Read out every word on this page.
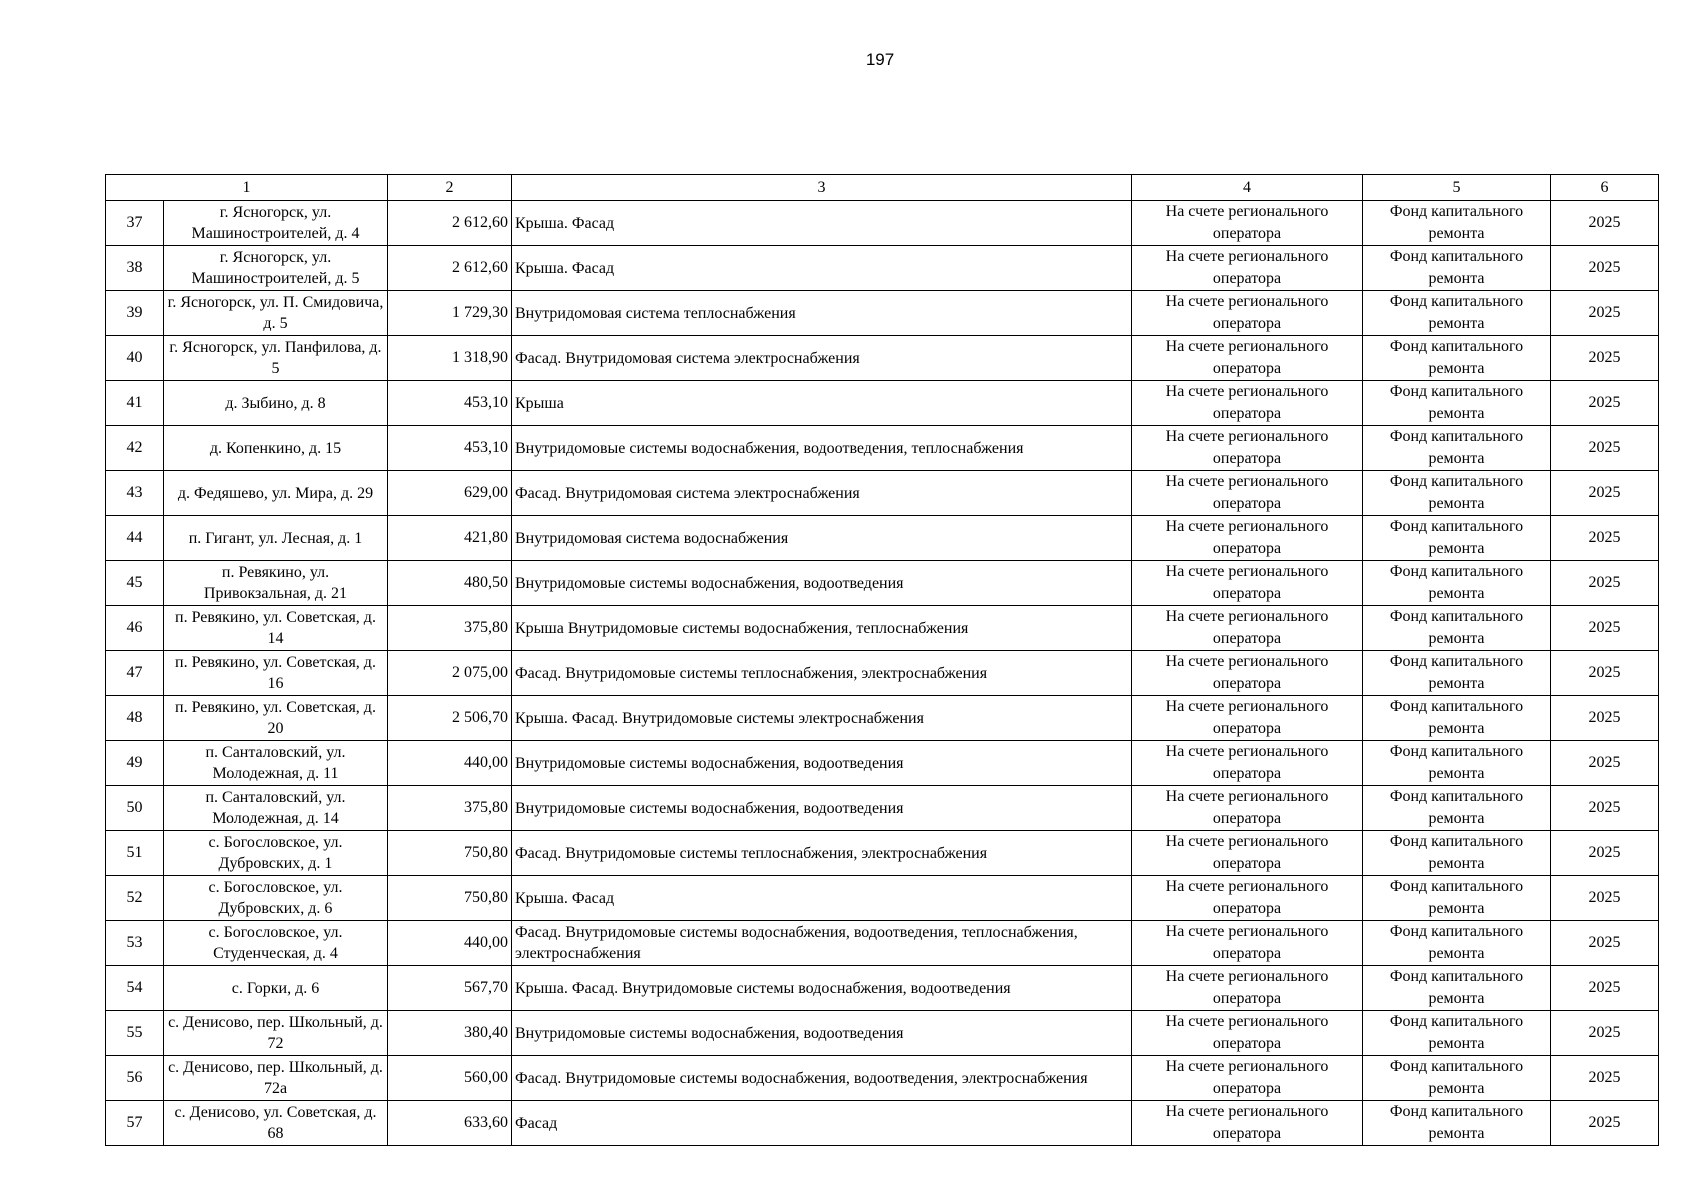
197
1		2	3	4	5	6
37	г. Ясногорск, ул. Машиностроителей, д. 4	2 612,60	Крыша. Фасад	На счете регионального оператора	Фонд капитального ремонта	2025
38	г. Ясногорск, ул. Машиностроителей, д. 5	2 612,60	Крыша. Фасад	На счете регионального оператора	Фонд капитального ремонта	2025
39	г. Ясногорск, ул. П. Смидовича, д. 5	1 729,30	Внутридомовая система теплоснабжения	На счете регионального оператора	Фонд капитального ремонта	2025
40	г. Ясногорск, ул. Панфилова, д. 5	1 318,90	Фасад. Внутридомовая система электроснабжения	На счете регионального оператора	Фонд капитального ремонта	2025
41	д. Зыбино, д. 8	453,10	Крыша	На счете регионального оператора	Фонд капитального ремонта	2025
42	д. Копенкино, д. 15	453,10	Внутридомовые системы водоснабжения, водоотведения, теплоснабжения	На счете регионального оператора	Фонд капитального ремонта	2025
43	д. Федяшево, ул. Мира, д. 29	629,00	Фасад. Внутридомовая система электроснабжения	На счете регионального оператора	Фонд капитального ремонта	2025
44	п. Гигант, ул. Лесная, д. 1	421,80	Внутридомовая система водоснабжения	На счете регионального оператора	Фонд капитального ремонта	2025
45	п. Ревякино, ул. Привокзальная, д. 21	480,50	Внутридомовые системы водоснабжения, водоотведения	На счете регионального оператора	Фонд капитального ремонта	2025
46	п. Ревякино, ул. Советская, д. 14	375,80	Крыша Внутридомовые системы водоснабжения, теплоснабжения	На счете регионального оператора	Фонд капитального ремонта	2025
47	п. Ревякино, ул. Советская, д. 16	2 075,00	Фасад. Внутридомовые системы теплоснабжения, электроснабжения	На счете регионального оператора	Фонд капитального ремонта	2025
48	п. Ревякино, ул. Советская, д. 20	2 506,70	Крыша. Фасад. Внутридомовые системы электроснабжения	На счете регионального оператора	Фонд капитального ремонта	2025
49	п. Санталовский, ул. Молодежная, д. 11	440,00	Внутридомовые системы водоснабжения, водоотведения	На счете регионального оператора	Фонд капитального ремонта	2025
50	п. Санталовский, ул. Молодежная, д. 14	375,80	Внутридомовые системы водоснабжения, водоотведения	На счете регионального оператора	Фонд капитального ремонта	2025
51	с. Богословское, ул. Дубровских, д. 1	750,80	Фасад. Внутридомовые системы теплоснабжения, электроснабжения	На счете регионального оператора	Фонд капитального ремонта	2025
52	с. Богословское, ул. Дубровских, д. 6	750,80	Крыша. Фасад	На счете регионального оператора	Фонд капитального ремонта	2025
53	с. Богословское, ул. Студенческая, д. 4	440,00	Фасад. Внутридомовые системы водоснабжения, водоотведения, теплоснабжения, электроснабжения	На счете регионального оператора	Фонд капитального ремонта	2025
54	с. Горки, д. 6	567,70	Крыша. Фасад. Внутридомовые системы водоснабжения, водоотведения	На счете регионального оператора	Фонд капитального ремонта	2025
55	с. Денисово, пер. Школьный, д. 72	380,40	Внутридомовые системы водоснабжения, водоотведения	На счете регионального оператора	Фонд капитального ремонта	2025
56	с. Денисово, пер. Школьный, д. 72а	560,00	Фасад. Внутридомовые системы водоснабжения, водоотведения, электроснабжения	На счете регионального оператора	Фонд капитального ремонта	2025
57	с. Денисово, ул. Советская, д. 68	633,60	Фасад	На счете регионального оператора	Фонд капитального ремонта	2025
